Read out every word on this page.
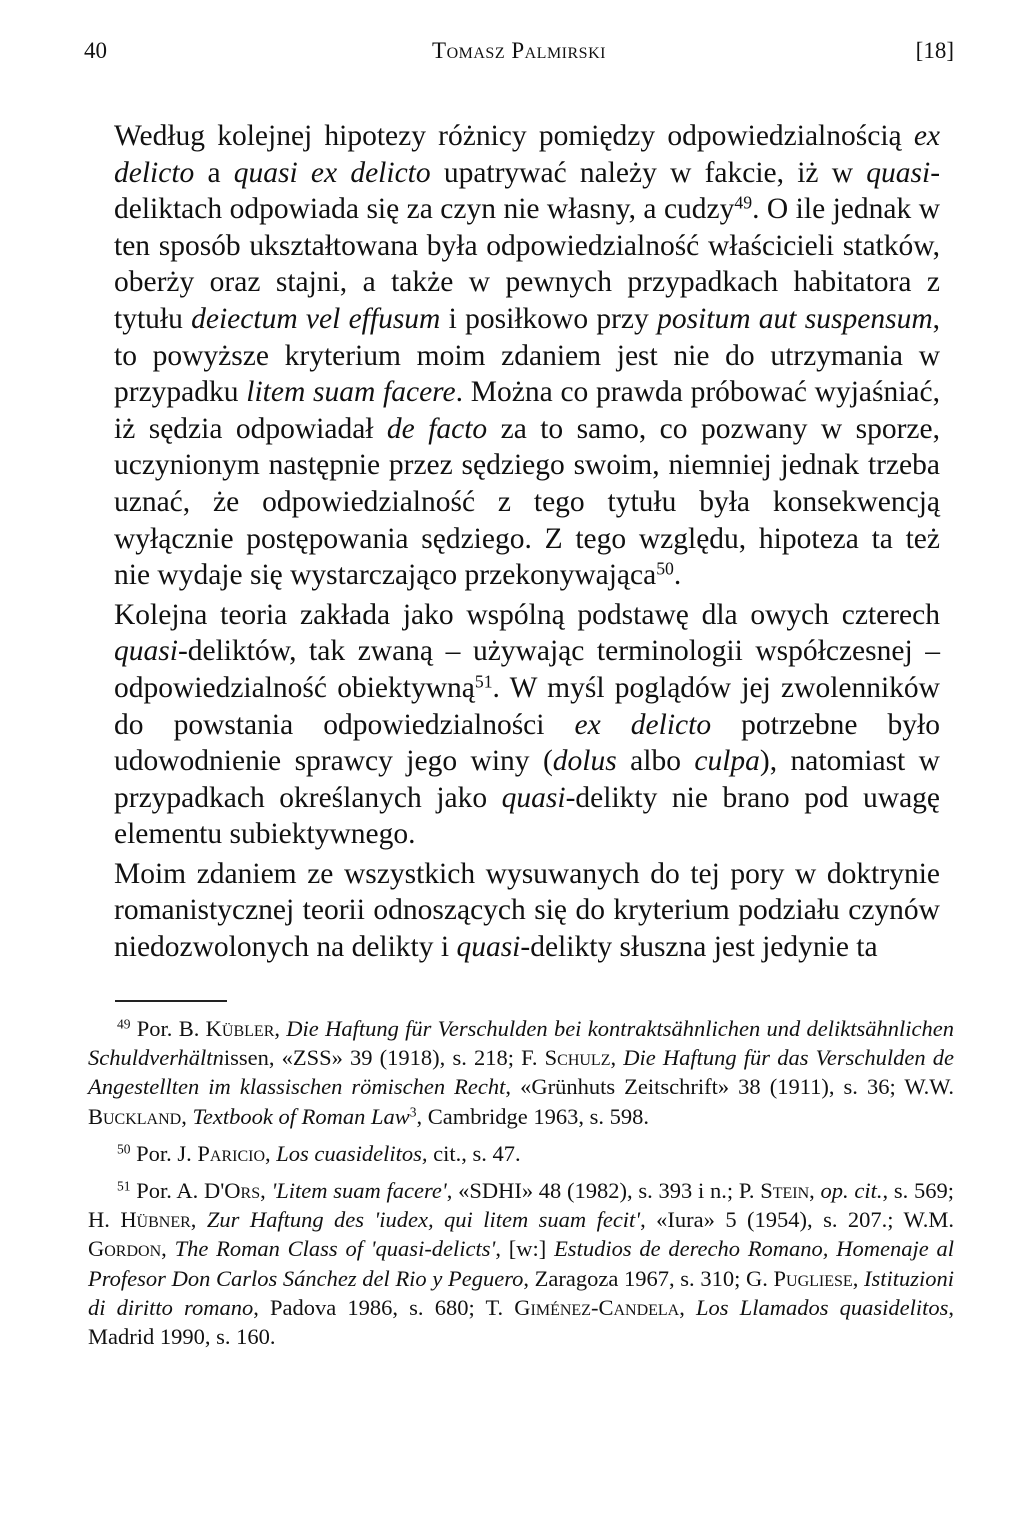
40	Tomasz Palmirski	[18]

Według kolejnej hipotezy różnicy pomiędzy odpowiedzialnością ex delicto a quasi ex delicto upatrywać należy w fakcie, iż w quasi-deliktach odpowiada się za czyn nie własny, a cudzy$^{49}$. O ile jednak w ten sposób ukształtowana była odpowiedzialność właścicieli statków, oberży oraz stajni, a także w pewnych przypadkach habitatora z tytułu deiectum vel effusum i posiłkowo przy positum aut suspensum, to powyższe kryterium moim zdaniem jest nie do utrzymania w przypadku litem suam facere. Można co prawda próbować wyjaśniać, iż sędzia odpowiadał de facto za to samo, co pozwany w sporze, uczynionym następnie przez sędziego swoim, niemniej jednak trzeba uznać, że odpowiedzialność z tego tytułu była konsekwencją wyłącznie postępowania sędziego. Z tego względu, hipoteza ta też nie wydaje się wystarczająco przekonywająca$^{50}$.

Kolejna teoria zakłada jako wspólną podstawę dla owych czterech quasi-deliktów, tak zwaną – używając terminologii współczesnej – odpowiedzialność obiektywną$^{51}$. W myśl poglądów jej zwolenników do powstania odpowiedzialności ex delicto potrzebne było udowodnienie sprawcy jego winy (dolus albo culpa), natomiast w przypadkach określanych jako quasi-delikty nie brano pod uwagę elementu subiektywnego.

Moim zdaniem ze wszystkich wysuwanych do tej pory w doktrynie romanistycznej teorii odnoszących się do kryterium podziału czynów niedozwolonych na delikty i quasi-delikty słuszna jest jedynie ta

$^{49}$ Por. B. Kübler, Die Haftung für Verschulden bei kontraktsähnlichen und deliktsähnlichen Schuldverhältnissen, «ZSS» 39 (1918), s. 218; F. Schulz, Die Haftung für das Verschulden de Angestellten im klassischen römischen Recht, «Grünhuts Zeitschrift» 38 (1911), s. 36; W.W. Buckland, Textbook of Roman Law$^3$, Cambridge 1963, s. 598.

$^{50}$ Por. J. Paricio, Los cuasidelitos, cit., s. 47.

$^{51}$ Por. A. D'Ors, 'Litem suam facere', «SDHI» 48 (1982), s. 393 i n.; P. Stein, op. cit., s. 569; H. Hübner, Zur Haftung des 'iudex, qui litem suam fecit', «Iura» 5 (1954), s. 207.; W.M. Gordon, The Roman Class of 'quasi-delicts', [w:] Estudios de derecho Romano, Homenaje al Profesor Don Carlos Sánchez del Rio y Peguero, Zaragoza 1967, s. 310; G. Pugliese, Istituzioni di diritto romano, Padova 1986, s. 680; T. Giménez-Candela, Los Llamados quasidelitos, Madrid 1990, s. 160.
